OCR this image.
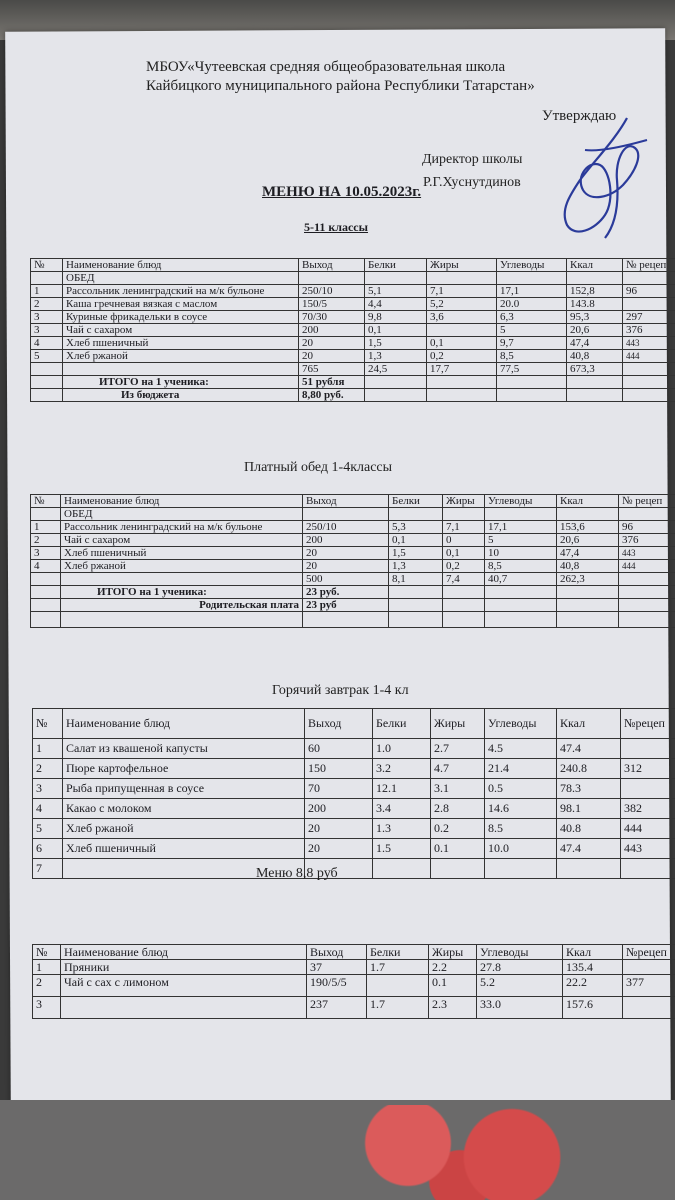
МБОУ«Чутеевская средняя общеобразовательная школа
Кайбицкого муниципального района Республики Татарстан»
Утверждаю
Директор школы
Р.Г.Хуснутдинов
МЕНЮ НА 10.05.2023г.
5-11 классы
№	Наименование блюд	Выход	Белки	Жиры	Углеводы	Ккал	№ рецеп
	ОБЕД						
1	Рассольник ленинградский на м/к бульоне	250/10	5,1	7,1	17,1	152,8	96
2	Каша гречневая вязкая с маслом	150/5	4,4	5,2	20.0	143.8	
3	Куриные фрикадельки в соусе	70/30	9,8	3,6	6,3	95,3	297
3	Чай с сахаром	200	0,1		5	20,6	376
4	Хлеб пшеничный	20	1,5	0,1	9,7	47,4	443
5	Хлеб ржаной	20	1,3	0,2	8,5	40,8	444
		765	24,5	17,7	77,5	673,3	
	ИТОГО на 1 ученика:	51 рубля					
	Из бюджета	8,80 руб.					
Платный обед 1-4классы
№	Наименование блюд	Выход	Белки	Жиры	Углеводы	Ккал	№ рецеп
	ОБЕД						
1	Рассольник ленинградский на м/к бульоне	250/10	5,3	7,1	17,1	153,6	96
2	Чай с сахаром	200	0,1	0	5	20,6	376
3	Хлеб пшеничный	20	1,5	0,1	10	47,4	443
4	Хлеб ржаной	20	1,3	0,2	8,5	40,8	444
		500	8,1	7,4	40,7	262,3	
	ИТОГО на 1 ученика:	23 руб.					
	Родительская плата	23 руб					

Горячий завтрак 1-4 кл
№	Наименование блюд	Выход	Белки	Жиры	Углеводы	Ккал	№рецеп
1	Салат из квашеной капусты	60	1.0	2.7	4.5	47.4	
2	Пюре картофельное	150	3.2	4.7	21.4	240.8	312
3	Рыба припущенная в соусе	70	12.1	3.1	0.5	78.3	
4	Какао с молоком	200	3.4	2.8	14.6	98.1	382
5	Хлеб ржаной	20	1.3	0.2	8.5	40.8	444
6	Хлеб пшеничный	20	1.5	0.1	10.0	47.4	443
7								Меню 8,8 руб
№	Наименование блюд	Выход	Белки	Жиры	Углеводы	Ккал	№рецеп
1	Пряники	37	1.7	2.2	27.8	135.4	
2	Чай с сах с лимоном	190/5/5		0.1	5.2	22.2	377
3		237	1.7	2.3	33.0	157.6	
